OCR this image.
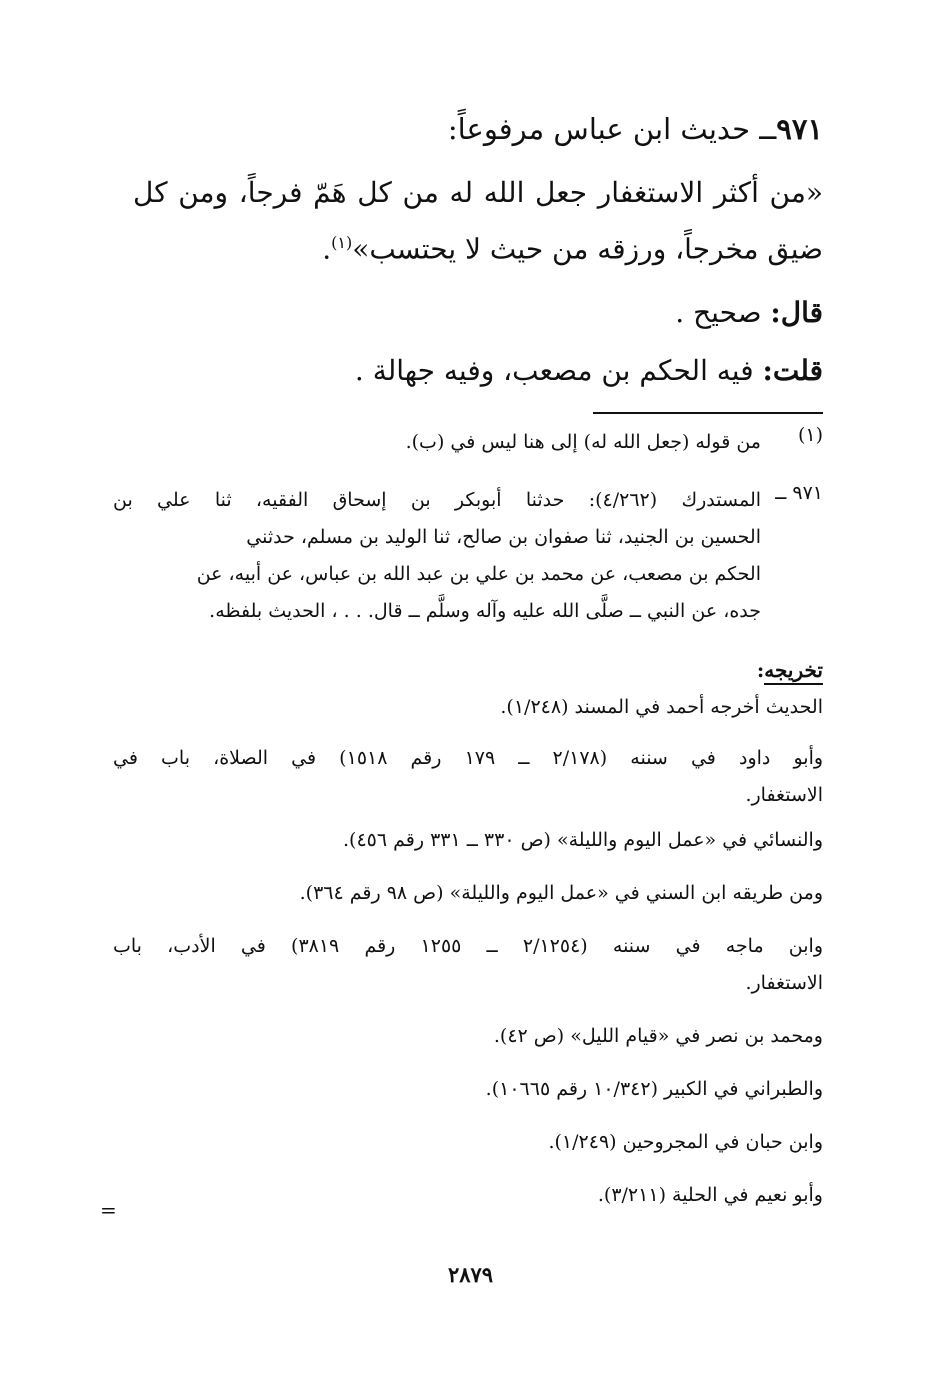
٩٧١ــ حديث ابن عباس مرفوعاً:

«من أكثر الاستغفار جعل الله له من كل هَمّ فرجاً، ومن كل

ضيق مخرجاً، ورزقه من حيث لا يحتسب»$^{(١)}$.

قال: صحيح .
قلت: فيه الحكم بن مصعب، وفيه جهالة .
(١)
من قوله (جعل الله له) إلى هنا ليس في (ب).
٩٧١ ــ
المستدرك (٤/٢٦٢): حدثنا أبوبكر بن إسحاق الفقيه، ثنا علي بن
الحسين بن الجنيد، ثنا صفوان بن صالح، ثنا الوليد بن مسلم، حدثني
الحكم بن مصعب، عن محمد بن علي بن عبد الله بن عباس، عن أبيه، عن
جده، عن النبي ــ صلَّى الله عليه وآله وسلَّم ــ قال. . . ، الحديث بلفظه.
تخريجه:
الحديث أخرجه أحمد في المسند (١/٢٤٨).
وأبو داود في سننه (٢/١٧٨ ــ ١٧٩ رقم ١٥١٨) في الصلاة، باب في
الاستغفار.
والنسائي في «عمل اليوم والليلة» (ص ٣٣٠ ــ ٣٣١ رقم ٤٥٦).
ومن طريقه ابن السني في «عمل اليوم والليلة» (ص ٩٨ رقم ٣٦٤).
وابن ماجه في سننه (٢/١٢٥٤ ــ ١٢٥٥ رقم ٣٨١٩) في الأدب، باب
الاستغفار.
ومحمد بن نصر في «قيام الليل» (ص ٤٢).
والطبراني في الكبير (١٠/٣٤٢ رقم ١٠٦٦٥).
وابن حبان في المجروحين (١/٢٤٩).
وأبو نعيم في الحلية (٣/٢١١).
=
٢٨٧٩
